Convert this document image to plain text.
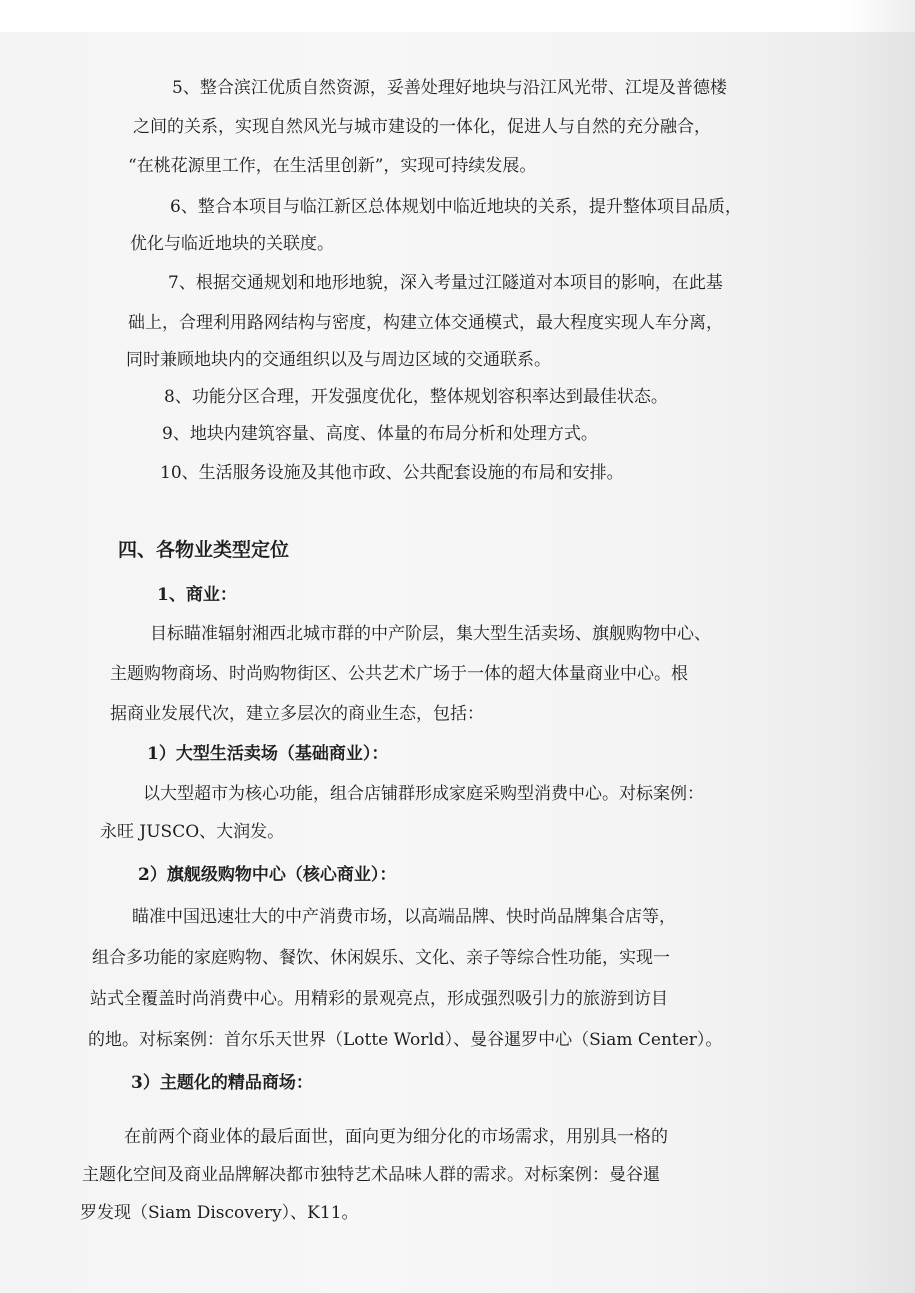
5、整合滨江优质自然资源，妥善处理好地块与沿江风光带、江堤及普德楼
之间的关系，实现自然风光与城市建设的一体化，促进人与自然的充分融合，
“在桃花源里工作，在生活里创新”，实现可持续发展。
6、整合本项目与临江新区总体规划中临近地块的关系，提升整体项目品质，
优化与临近地块的关联度。
7、根据交通规划和地形地貌，深入考量过江隧道对本项目的影响，在此基
础上，合理利用路网结构与密度，构建立体交通模式，最大程度实现人车分离，
同时兼顾地块内的交通组织以及与周边区域的交通联系。
8、功能分区合理，开发强度优化，整体规划容积率达到最佳状态。
9、地块内建筑容量、高度、体量的布局分析和处理方式。
10、生活服务设施及其他市政、公共配套设施的布局和安排。
四、各物业类型定位
1、商业：
目标瞄准辐射湘西北城市群的中产阶层，集大型生活卖场、旗舰购物中心、
主题购物商场、时尚购物街区、公共艺术广场于一体的超大体量商业中心。根
据商业发展代次，建立多层次的商业生态，包括：
1）大型生活卖场（基础商业）：
以大型超市为核心功能，组合店铺群形成家庭采购型消费中心。对标案例：
永旺 JUSCO、大润发。
2）旗舰级购物中心（核心商业）：
瞄准中国迅速壮大的中产消费市场，以高端品牌、快时尚品牌集合店等，
组合多功能的家庭购物、餐饮、休闲娱乐、文化、亲子等综合性功能，实现一
站式全覆盖时尚消费中心。用精彩的景观亮点，形成强烈吸引力的旅游到访目
的地。对标案例：首尔乐天世界（Lotte World）、曼谷暹罗中心（Siam Center）。
3）主题化的精品商场：
在前两个商业体的最后面世，面向更为细分化的市场需求，用别具一格的
主题化空间及商业品牌解决都市独特艺术品味人群的需求。对标案例：曼谷暹
罗发现（Siam Discovery）、K11。
